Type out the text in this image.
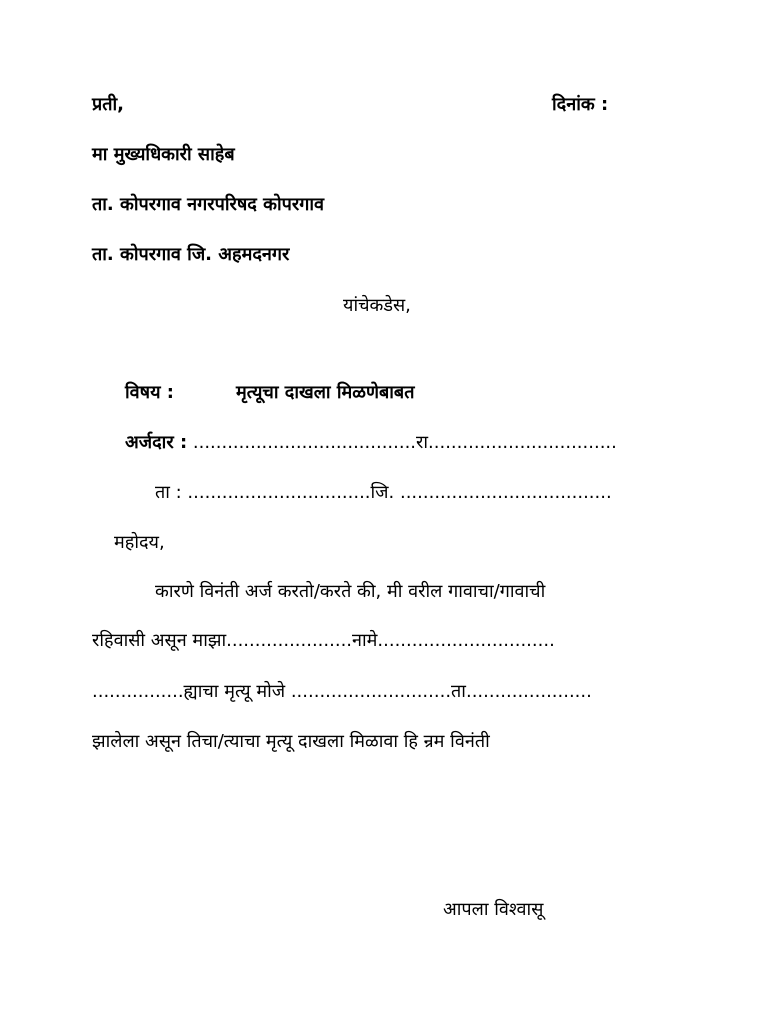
प्रती,	दिनांक :
मा मुख्यधिकारी साहेब
ता. कोपरगाव नगरपरिषद कोपरगाव
ता. कोपरगाव जि. अहमदनगर
यांचेकडेस,
विषय :	मृत्यूचा दाखला मिळणेबाबत
अर्जदार : .......................................रा.................................
ता : ................................जि. .....................................
महोदय,
कारणे विनंती अर्ज करतो/करते की, मी वरील गावाचा/गावाची
रहिवासी असून माझा......................नामे...............................
................ह्याचा मृत्यू मोजे ............................ता......................
झालेला असून तिचा/त्याचा मृत्यू दाखला मिळावा हि न्रम विनंती
आपला विश्वासू
